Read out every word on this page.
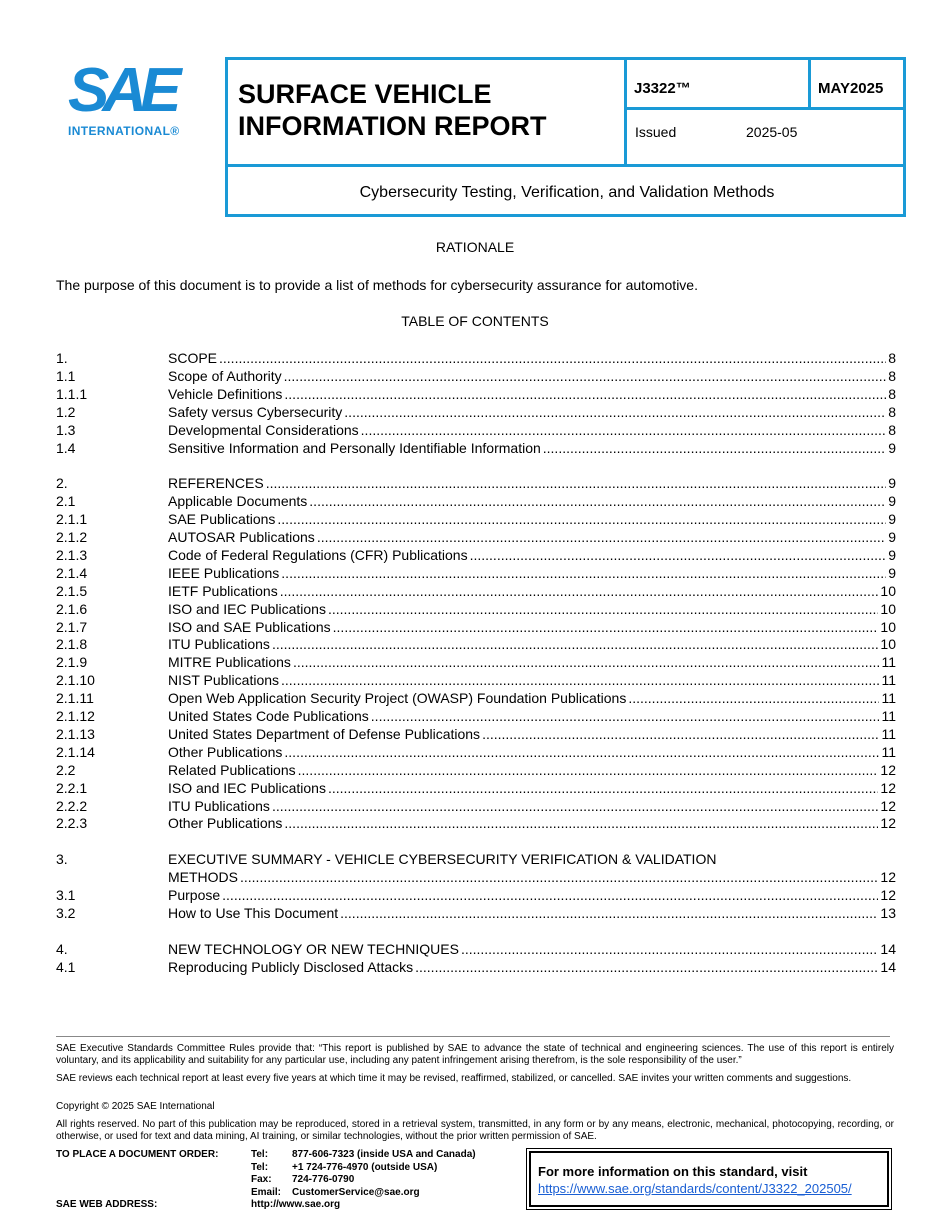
SAE
INTERNATIONAL®
SURFACE VEHICLE
INFORMATION REPORT
J3322™	MAY2025
Issued	2025-05
Cybersecurity Testing, Verification, and Validation Methods
RATIONALE
The purpose of this document is to provide a list of methods for cybersecurity assurance for automotive.
TABLE OF CONTENTS
1.	SCOPE .....	8
1.1	Scope of Authority .....	8
1.1.1	Vehicle Definitions .....	8
1.2	Safety versus Cybersecurity .....	8
1.3	Developmental Considerations .....	8
1.4	Sensitive Information and Personally Identifiable Information .....	9
2.	REFERENCES .....	9
2.1	Applicable Documents .....	9
2.1.1	SAE Publications .....	9
2.1.2	AUTOSAR Publications .....	9
2.1.3	Code of Federal Regulations (CFR) Publications .....	9
2.1.4	IEEE Publications .....	9
2.1.5	IETF Publications .....	10
2.1.6	ISO and IEC Publications .....	10
2.1.7	ISO and SAE Publications .....	10
2.1.8	ITU Publications .....	10
2.1.9	MITRE Publications .....	11
2.1.10	NIST Publications .....	11
2.1.11	Open Web Application Security Project (OWASP) Foundation Publications .....	11
2.1.12	United States Code Publications .....	11
2.1.13	United States Department of Defense Publications .....	11
2.1.14	Other Publications .....	11
2.2	Related Publications .....	12
2.2.1	ISO and IEC Publications .....	12
2.2.2	ITU Publications .....	12
2.2.3	Other Publications .....	12
3.	EXECUTIVE SUMMARY - VEHICLE CYBERSECURITY VERIFICATION & VALIDATION
METHODS .....	12
3.1	Purpose .....	12
3.2	How to Use This Document .....	13
4.	NEW TECHNOLOGY OR NEW TECHNIQUES .....	14
4.1	Reproducing Publicly Disclosed Attacks .....	14
SAE Executive Standards Committee Rules provide that: “This report is published by SAE to advance the state of technical and engineering sciences. The use of this report is entirely voluntary, and its applicability and suitability for any particular use, including any patent infringement arising therefrom, is the sole responsibility of the user.”
SAE reviews each technical report at least every five years at which time it may be revised, reaffirmed, stabilized, or cancelled. SAE invites your written comments and suggestions.
Copyright © 2025 SAE International
All rights reserved. No part of this publication may be reproduced, stored in a retrieval system, transmitted, in any form or by any means, electronic, mechanical, photocopying, recording, or otherwise, or used for text and data mining, AI training, or similar technologies, without the prior written permission of SAE.
TO PLACE A DOCUMENT ORDER:
SAE WEB ADDRESS:
Tel: 877-606-7323 (inside USA and Canada)
Tel: +1 724-776-4970 (outside USA)
Fax: 724-776-0790
Email: CustomerService@sae.org
http://www.sae.org
For more information on this standard, visit
https://www.sae.org/standards/content/J3322_202505/
